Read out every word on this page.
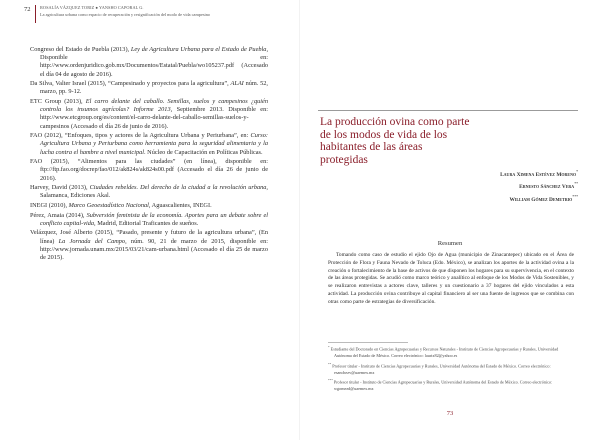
72 ROSALÍA VÁZQUEZ TORIZ ● YANSHO CAPORAL G.
La agricultura urbana como espacio de recuperación y resignificación del modo de vida campesino

Congreso del Estado de Puebla (2013), Ley de Agricultura Urbana para el Estado de Puebla, Disponible en: http://www.ordenjuridico.gob.mx/Documentos/Estatal/Puebla/wo105237.pdf (Accesado el día 04 de agosto de 2016).

Da Silva, Valter Israel (2015), “Campesinado y proyectos para la agricultura”, ALAI núm. 52, marzo, pp. 9-12.

ETC Group (2013), El carro delante del caballo. Semillas, suelos y campesinos ¿quién controla los insumos agrícolas? Informe 2013, Septiembre 2013. Disponible en: http://www.etcgroup.org/es/content/el-carro-delante-del-caballo-semillas-suelos-y-campesinos (Accesado el día 26 de junio de 2016).

FAO (2012), “Enfoques, tipos y actores de la Agricultura Urbana y Periurbana”, en: Curso: Agricultura Urbana y Periurbana como herramienta para la seguridad alimentaria y la lucha contra el hambre a nivel municipal. Núcleo de Capacitación en Políticas Públicas.

FAO (2015), “Alimentos para las ciudades” (en línea), disponible en: ftp://ftp.fao.org/docrep/fao/012/ak824s/ak824s00.pdf (Accesado el día 26 de junio de 2016).

Harvey, David (2013), Ciudades rebeldes. Del derecho de la ciudad a la revolución urbana, Salamanca, Ediciones Akal.

INEGI (2010), Marco Geoestadístico Nacional, Aguascalientes, INEGI.

Pérez, Amaia (2014), Subversión feminista de la economía. Aportes para un debate sobre el conflicto capital-vida, Madrid, Editorial Traficantes de sueños.

Velázquez, José Alberto (2015), “Pasado, presente y futuro de la agricultura urbana”, (En línea) La Jornada del Campo, núm. 90, 21 de marzo de 2015, disponible en: http://www.jornada.unam.mx/2015/03/21/cam-urbana.html (Accesado el día 25 de marzo de 2015).

La producción ovina como parte de los modos de vida de los habitantes de las áreas protegidas
Laura Ximena Estévez Moreno*
Ernesto Sánchez Vera**
William Gómez Demetrio***
Resumen
Tomando como caso de estudio el ejido Ojo de Agua (municipio de Zinacantepec) ubicado en el Área de Protección de Flora y Fauna Nevado de Toluca (Edo. México), se analizan los aportes de la actividad ovina a la creación o fortalecimiento de la base de activos de que disponen los hogares para su supervivencia, en el contexto de las áreas protegidas. Se acudió como marco teórico y analítico al enfoque de los Modos de Vida Sostenibles, y se realizaron entrevistas a actores clave, talleres y un cuestionario a 37 hogares del ejido vinculados a esta actividad. La producción ovina contribuye al capital financiero al ser una fuente de ingresos que se combina con otras como parte de estrategias de diversificación.

* Estudiante del Doctorado en Ciencias Agropecuarias y Recursos Naturales - Instituto de Ciencias Agropecuarias y Rurales, Universidad Autónoma del Estado de México. Correo electrónico: laurix82@yahoo.es

** Profesor titular - Instituto de Ciencias Agropecuarias y Rurales, Universidad Autónoma del Estado de México. Correo electrónico: esanchezv@uaemex.mx

*** Profesor titular - Instituto de Ciencias Agropecuarias y Rurales, Universidad Autónoma del Estado de México. Correo electrónico: wgomezd@uaemex.mx

73
